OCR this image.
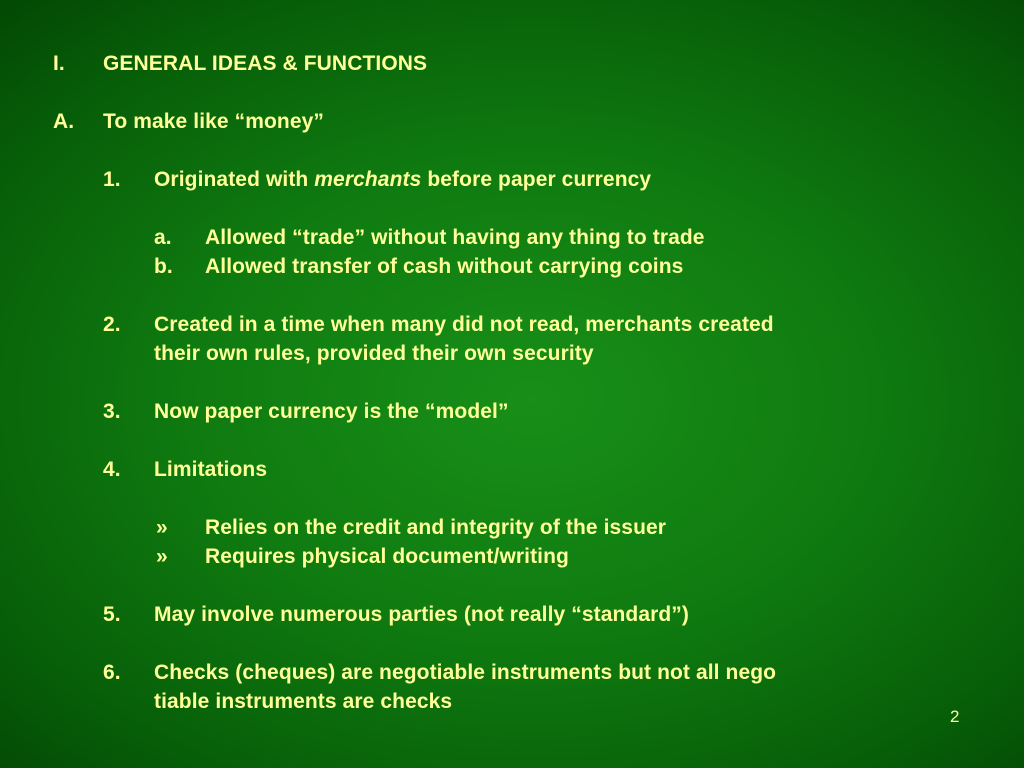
I. GENERAL IDEAS & FUNCTIONS
A. To make like “money”
1. Originated with merchants before paper currency
a. Allowed “trade” without having any thing to trade
b. Allowed transfer of cash without carrying coins
2. Created in a time when many did not read, merchants created
their own rules, provided their own security
3. Now paper currency is the “model”
4. Limitations
» Relies on the credit and integrity of the issuer
» Requires physical document/writing
5. May involve numerous parties (not really “standard”)
6. Checks (cheques) are negotiable instruments but not all nego
tiable instruments are checks
2
